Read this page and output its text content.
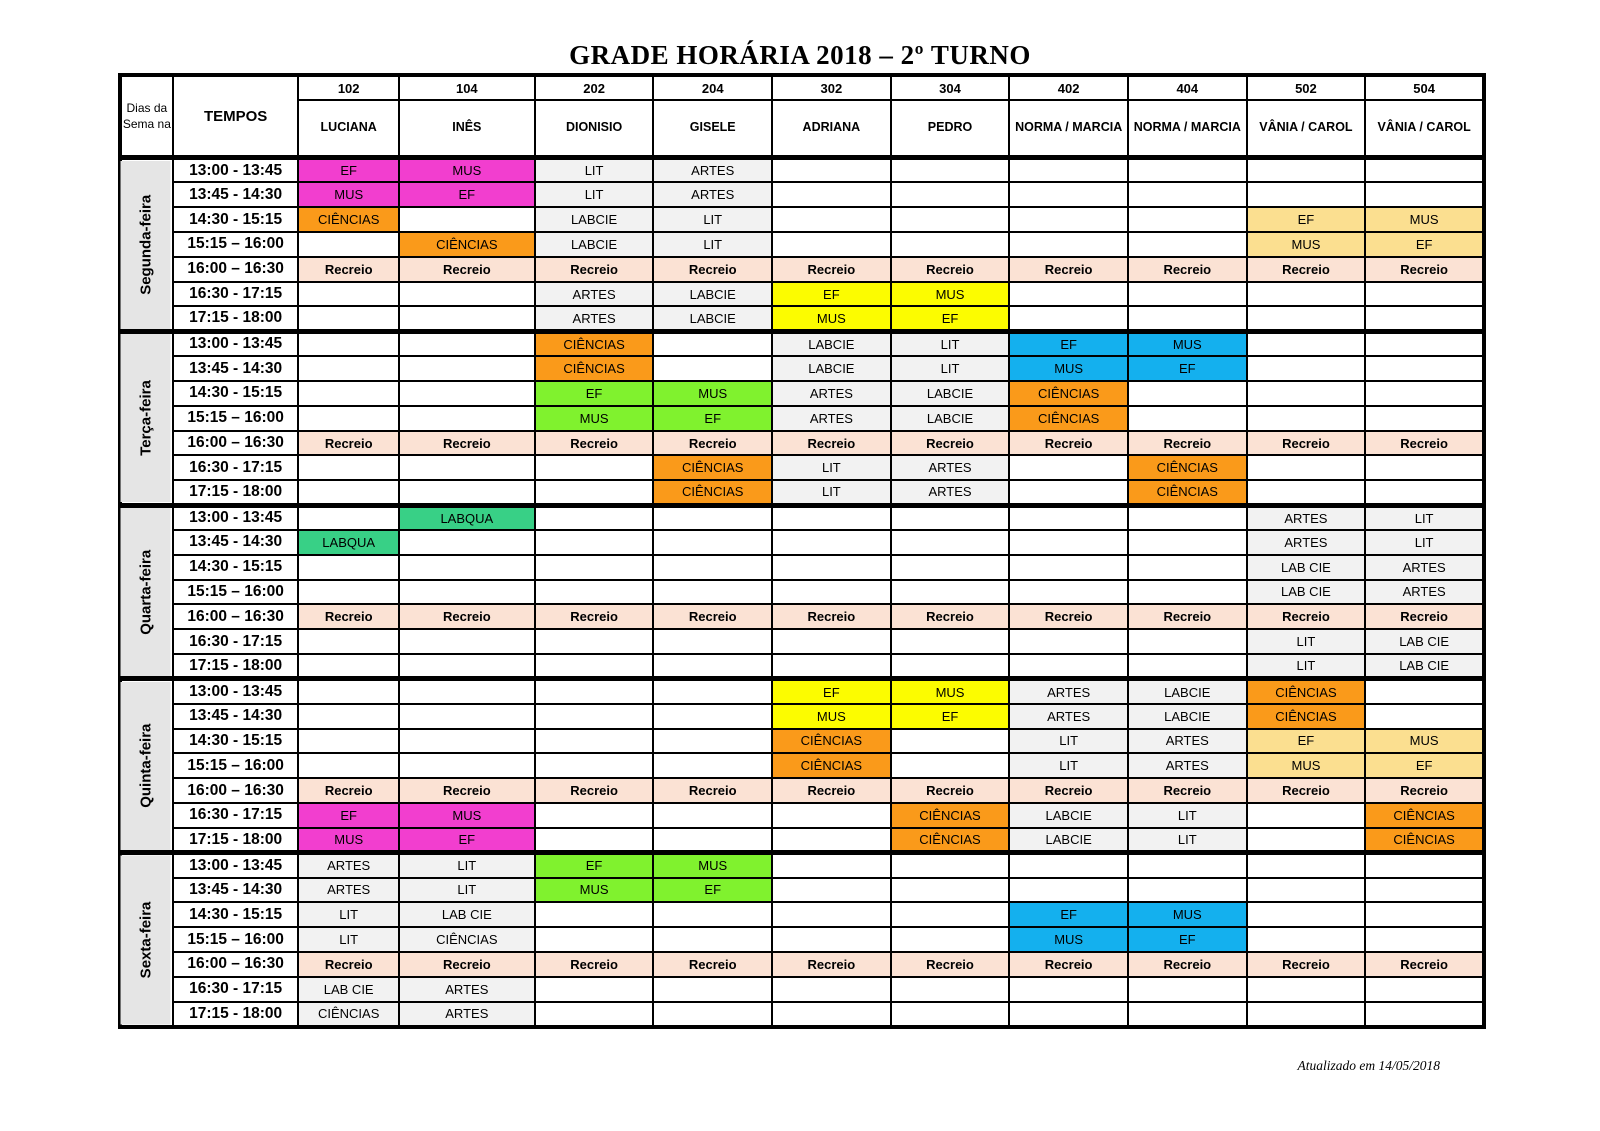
GRADE HORÁRIA 2018 – 2º TURNO
Dias da Sema na	TEMPOS	102	104	202	204	302	304	402	404	502	504
		LUCIANA	INÊS	DIONISIO	GISELE	ADRIANA	PEDRO	NORMA / MARCIA	NORMA / MARCIA	VÂNIA / CAROL	VÂNIA / CAROL
Segunda-feira	13:00 - 13:45	EF	MUS	LIT	ARTES						
	13:45 - 14:30	MUS	EF	LIT	ARTES						
	14:30 - 15:15	CIÊNCIAS		LABCIE	LIT					EF	MUS
	15:15 – 16:00		CIÊNCIAS	LABCIE	LIT					MUS	EF
	16:00 – 16:30	Recreio	Recreio	Recreio	Recreio	Recreio	Recreio	Recreio	Recreio	Recreio	Recreio
	16:30 - 17:15			ARTES	LABCIE	EF	MUS				
	17:15 - 18:00			ARTES	LABCIE	MUS	EF				
Terça-feira	13:00 - 13:45			CIÊNCIAS		LABCIE	LIT	EF	MUS		
	13:45 - 14:30			CIÊNCIAS		LABCIE	LIT	MUS	EF		
	14:30 - 15:15			EF	MUS	ARTES	LABCIE	CIÊNCIAS			
	15:15 – 16:00			MUS	EF	ARTES	LABCIE	CIÊNCIAS			
	16:00 – 16:30	Recreio	Recreio	Recreio	Recreio	Recreio	Recreio	Recreio	Recreio	Recreio	Recreio
	16:30 - 17:15				CIÊNCIAS	LIT	ARTES		CIÊNCIAS		
	17:15 - 18:00				CIÊNCIAS	LIT	ARTES		CIÊNCIAS		
Quarta-feira	13:00 - 13:45		LABQUA							ARTES	LIT
	13:45 - 14:30	LABQUA								ARTES	LIT
	14:30 - 15:15									LAB CIE	ARTES
	15:15 – 16:00									LAB CIE	ARTES
	16:00 – 16:30	Recreio	Recreio	Recreio	Recreio	Recreio	Recreio	Recreio	Recreio	Recreio	Recreio
	16:30 - 17:15									LIT	LAB CIE
	17:15 - 18:00									LIT	LAB CIE
Quinta-feira	13:00 - 13:45					EF	MUS	ARTES	LABCIE	CIÊNCIAS	
	13:45 - 14:30					MUS	EF	ARTES	LABCIE	CIÊNCIAS	
	14:30 - 15:15					CIÊNCIAS		LIT	ARTES	EF	MUS
	15:15 – 16:00					CIÊNCIAS		LIT	ARTES	MUS	EF
	16:00 – 16:30	Recreio	Recreio	Recreio	Recreio	Recreio	Recreio	Recreio	Recreio	Recreio	Recreio
	16:30 - 17:15	EF	MUS				CIÊNCIAS	LABCIE	LIT		CIÊNCIAS
	17:15 - 18:00	MUS	EF				CIÊNCIAS	LABCIE	LIT		CIÊNCIAS
Sexta-feira	13:00 - 13:45	ARTES	LIT	EF	MUS						
	13:45 - 14:30	ARTES	LIT	MUS	EF						
	14:30 - 15:15	LIT	LAB CIE					EF	MUS		
	15:15 – 16:00	LIT	CIÊNCIAS					MUS	EF		
	16:00 – 16:30	Recreio	Recreio	Recreio	Recreio	Recreio	Recreio	Recreio	Recreio	Recreio	Recreio
	16:30 - 17:15	LAB CIE	ARTES								
	17:15 - 18:00	CIÊNCIAS	ARTES								
Atualizado em 14/05/2018
